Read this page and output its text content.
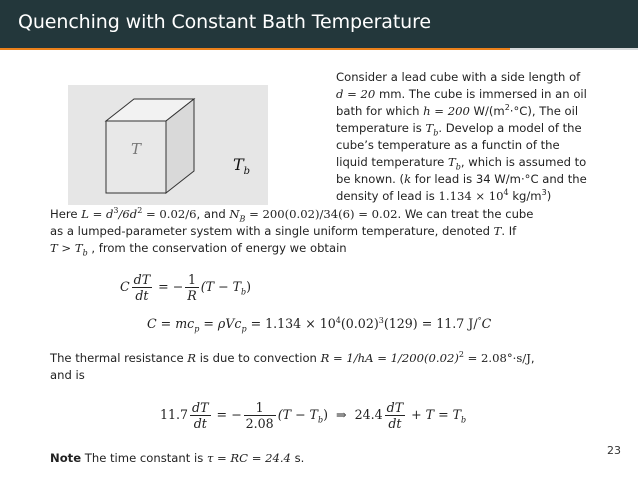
Quenching with Constant Bath Temperature
T
$T_b$
Consider a lead cube with a side length of
d = 20 mm. The cube is immersed in an oil
bath for which h = 200 $W/(m^2\cdot^\circ C)$, The oil
temperature is $T_b$. Develop a model of the
cube’s temperature as a functin of the
liquid temperature $T_b$, which is assumed to
be known. (k for lead is 34 W/m·°C and the
density of lead is $1.134 \times 10^4$ $kg/m^3$)
Here $L = d^3/6d^2 = 0.02/6$, and $N_B = 200(0.02)/34(6) = 0.02$. We can treat the cube
as a lumped-parameter system with a single uniform temperature, denoted T. If
$T > T_b$ , from the conservation of energy we obtain
C $\frac{dT}{dt}$ = − $\frac{1}{R} (T - T_b)$
$C = mc_p = \rho Vc_p = 1.134 \times 10^4(0.02)^3(129) = 11.7$ J/°C
The thermal resistance R is due to convection $R = 1/hA = 1/200(0.02)^2 = 2.08^\circ\cdot s/J$,
and is
$11.7 \frac{dT}{dt}$ = − $\frac{1}{2.08} (T - T_b)$  ⇒  $24.4 \frac{dT}{dt} + T = T_b$
Note The time constant is τ = RC = 24.4 s.
23
